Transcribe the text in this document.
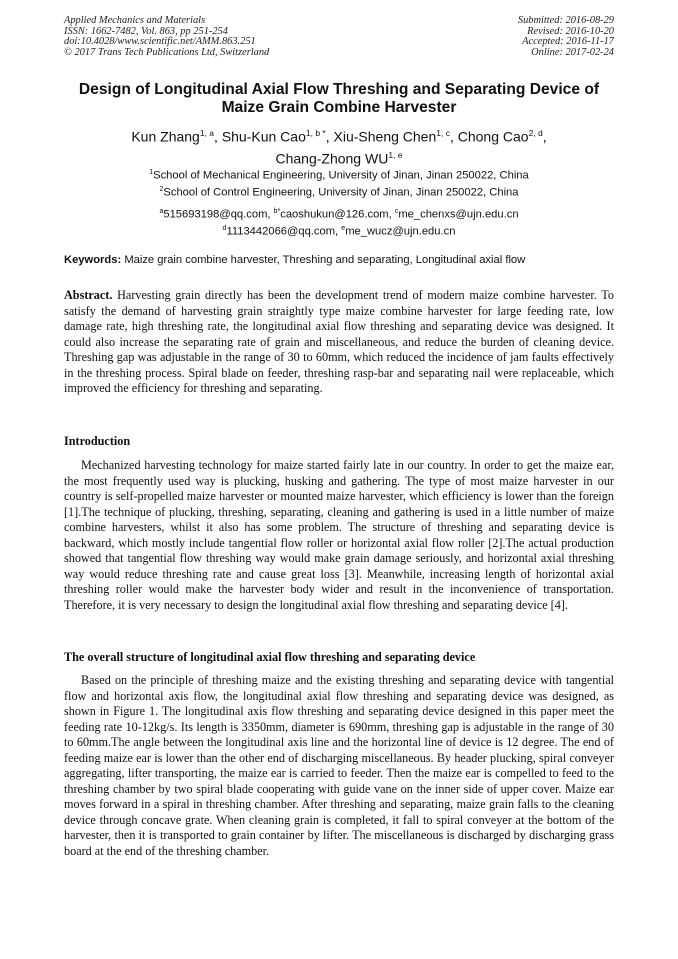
Applied Mechanics and Materials
ISSN: 1662-7482, Vol. 863, pp 251-254
doi:10.4028/www.scientific.net/AMM.863.251
© 2017 Trans Tech Publications Ltd, Switzerland
Submitted: 2016-08-29
Revised: 2016-10-20
Accepted: 2016-11-17
Online: 2017-02-24
Design of Longitudinal Axial Flow Threshing and Separating Device of
Maize Grain Combine Harvester
Kun Zhang$^{1, a}$, Shu-Kun Cao$^{1, b *}$, Xiu-Sheng Chen$^{1, c}$, Chong Cao$^{2, d}$,
Chang-Zhong WU$^{1, e}$
$^1$School of Mechanical Engineering, University of Jinan, Jinan 250022, China
$^2$School of Control Engineering, University of Jinan, Jinan 250022, China
$^a$515693198@qq.com, $^{b*}$caoshukun@126.com, $^c$me_chenxs@ujn.edu.cn
$^d$1113442066@qq.com, $^e$me_wucz@ujn.edu.cn
Keywords: Maize grain combine harvester, Threshing and separating, Longitudinal axial flow
Abstract. Harvesting grain directly has been the development trend of modern maize combine harvester. To satisfy the demand of harvesting grain straightly type maize combine harvester for large feeding rate, low damage rate, high threshing rate, the longitudinal axial flow threshing and separating device was designed. It could also increase the separating rate of grain and miscellaneous, and reduce the burden of cleaning device. Threshing gap was adjustable in the range of 30 to 60mm, which reduced the incidence of jam faults effectively in the threshing process. Spiral blade on feeder, threshing rasp-bar and separating nail were replaceable, which improved the efficiency for threshing and separating.
Introduction
Mechanized harvesting technology for maize started fairly late in our country. In order to get the maize ear, the most frequently used way is plucking, husking and gathering. The type of most maize harvester in our country is self-propelled maize harvester or mounted maize harvester, which efficiency is lower than the foreign [1].The technique of plucking, threshing, separating, cleaning and gathering is used in a little number of maize combine harvesters, whilst it also has some problem. The structure of threshing and separating device is backward, which mostly include tangential flow roller or horizontal axial flow roller [2].The actual production showed that tangential flow threshing way would make grain damage seriously, and horizontal axial threshing way would reduce threshing rate and cause great loss [3]. Meanwhile, increasing length of horizontal axial threshing roller would make the harvester body wider and result in the inconvenience of transportation. Therefore, it is very necessary to design the longitudinal axial flow threshing and separating device [4].
The overall structure of longitudinal axial flow threshing and separating device
Based on the principle of threshing maize and the existing threshing and separating device with tangential flow and horizontal axis flow, the longitudinal axial flow threshing and separating device was designed, as shown in Figure 1. The longitudinal axis flow threshing and separating device designed in this paper meet the feeding rate 10-12kg/s. Its length is 3350mm, diameter is 690mm, threshing gap is adjustable in the range of 30 to 60mm.The angle between the longitudinal axis line and the horizontal line of device is 12 degree. The end of feeding maize ear is lower than the other end of discharging miscellaneous. By header plucking, spiral conveyer aggregating, lifter transporting, the maize ear is carried to feeder. Then the maize ear is compelled to feed to the threshing chamber by two spiral blade cooperating with guide vane on the inner side of upper cover. Maize ear moves forward in a spiral in threshing chamber. After threshing and separating, maize grain falls to the cleaning device through concave grate. When cleaning grain is completed, it fall to spiral conveyer at the bottom of the harvester, then it is transported to grain container by lifter. The miscellaneous is discharged by discharging grass board at the end of the threshing chamber.
